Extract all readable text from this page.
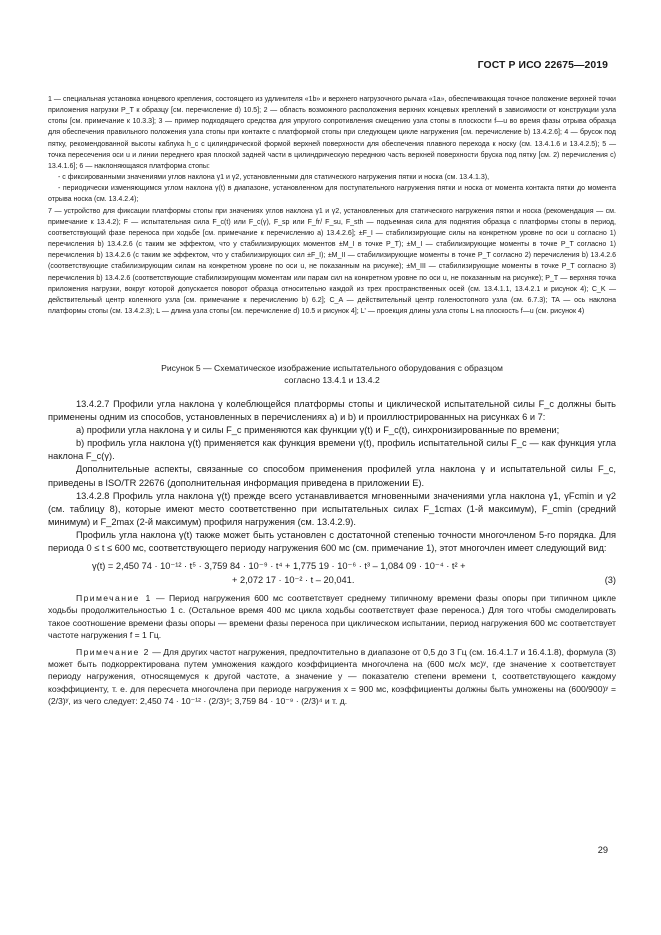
ГОСТ Р ИСО 22675—2019

1 — специальная установка концевого крепления, состоящего из удлинителя «1b» и верхнего нагрузочного рычага «1a», обеспечивающая точное положение верхней точки приложения нагрузки P_T к образцу [см. перечисление d) 10.5]; 2 — область возможного расположения верхних концевых креплений в зависимости от конструкции узла стопы [см. примечание к 10.3.3]; 3 — пример подходящего средства для упругого сопротивления смещению узла стопы в плоскости f—u во время фазы отрыва образца для обеспечения правильного положения узла стопы при контакте с платформой стопы при следующем цикле нагружения [см. перечисление b) 13.4.2.6]; 4 — брусок под пятку, рекомендованной высоты каблука h_c с цилиндрической формой верхней поверхности для обеспечения плавного перехода к носку (см. 13.4.1.6 и 13.4.2.5); 5 — точка пересечения оси u и линии переднего края плоской задней части в цилиндрическую переднюю часть верхней поверхности бруска под пятку [см. 2) перечисления с) 13.4.1.6]; 6 — наклоняющаяся платформа стопы:

- с фиксированными значениями углов наклона γ1 и γ2, установленными для статического нагружения пятки и носка (см. 13.4.1.3),

- периодически изменяющимся углом наклона γ(t) в диапазоне, установленном для поступательного нагружения пятки и носка от момента контакта пятки до момента отрыва носка (см. 13.4.2.4);

7 — устройство для фиксации платформы стопы при значениях углов наклона γ1 и γ2, установленных для статического нагружения пятки и носка (рекомендация — см. примечание к 13.4.2); F — испытательная сила F_c(t) или F_c(γ), F_sp или F_fr/ F_su, F_sth — подъемная сила для поднятия образца с платформы стопы в период, соответствующий фазе переноса при ходьбе [см. примечание к перечислению а) 13.4.2.6]; ±F_I — стабилизирующие силы на конкретном уровне по оси u согласно 1) перечисления b) 13.4.2.6 (с таким же эффектом, что у стабилизирующих моментов ±M_I в точке P_T); ±M_I — стабилизирующие моменты в точке P_T согласно 1) перечисления b) 13.4.2.6 (с таким же эффектом, что у стабилизирующих сил ±F_I); ±M_II — стабилизирующие моменты в точке P_T согласно 2) перечисления b) 13.4.2.6 (соответствующие стабилизирующим силам на конкретном уровне по оси u, не показанным на рисунке); ±M_III — стабилизирующие моменты в точке P_T согласно 3) перечисления b) 13.4.2.6 (соответствующие стабилизирующим моментам или парам сил на конкретном уровне по оси u, не показанным на рисунке); P_T — верхняя точка приложения нагрузки, вокруг которой допускается поворот образца относительно каждой из трех пространственных осей (см. 13.4.1.1, 13.4.2.1 и рисунок 4); C_K — действительный центр коленного узла [см. примечание к перечислению b) 6.2]; C_A — действительный центр голеностопного узла (см. 6.7.3); TA — ось наклона платформы стопы (см. 13.4.2.3); L — длина узла стопы [см. перечисление d) 10.5 и рисунок 4]; L' — проекция длины узла стопы L на плоскость f—u (см. рисунок 4)

Рисунок 5 — Схематическое изображение испытательного оборудования с образцом
согласно 13.4.1 и 13.4.2

13.4.2.7 Профили угла наклона γ колеблющейся платформы стопы и циклической испытательной силы F_c должны быть применены одним из способов, установленных в перечислениях а) и b) и проиллюстрированных на рисунках 6 и 7:

а) профили угла наклона γ и силы F_c применяются как функции γ(t) и F_c(t), синхронизированные по времени;

b) профиль угла наклона γ(t) применяется как функция времени γ(t), профиль испытательной силы F_c — как функция угла наклона F_c(γ).

Дополнительные аспекты, связанные со способом применения профилей угла наклона γ и испытательной силы F_c, приведены в ISO/TR 22676 (дополнительная информация приведена в приложении E).

13.4.2.8 Профиль угла наклона γ(t) прежде всего устанавливается мгновенными значениями угла наклона γ1, γFcmin и γ2 (см. таблицу 8), которые имеют место соответственно при испытательных силах F_1cmax (1-й максимум), F_cmin (средний минимум) и F_2max (2-й максимум) профиля нагружения (см. 13.4.2.9).

Профиль угла наклона γ(t) также может быть установлен с достаточной степенью точности многочленом 5-го порядка. Для периода 0 ≤ t ≤ 600 мс, соответствующего периоду нагружения 600 мс (см. примечание 1), этот многочлен имеет следующий вид:

γ(t) = 2,450 74 · 10⁻¹² · t⁵ · 3,759 84 · 10⁻⁹ · t⁴ + 1,775 19 · 10⁻⁶ · t³ – 1,084 09 · 10⁻⁴ · t² +
+ 2,072 17 · 10⁻² · t – 20,041.	(3)

Примечание 1 — Период нагружения 600 мс соответствует среднему типичному времени фазы опоры при типичном цикле ходьбы продолжительностью 1 с. (Остальное время 400 мс цикла ходьбы соответствует фазе переноса.) Для того чтобы смоделировать такое соотношение времени фазы опоры — времени фазы переноса при циклическом испытании, период нагружения 600 мс соответствует частоте нагружения f = 1 Гц.

Примечание 2 — Для других частот нагружения, предпочтительно в диапазоне от 0,5 до 3 Гц (см. 16.4.1.7 и 16.4.1.8), формула (3) может быть подкорректирована путем умножения каждого коэффициента многочлена на (600 мс/x мс)ʸ, где значение x соответствует периоду нагружения, относящемуся к другой частоте, а значение y — показателю степени времени t, соответствующего каждому коэффициенту, т. е. для пересчета многочлена при периоде нагружения x = 900 мс, коэффициенты должны быть умножены на (600/900)ʸ = (2/3)ʸ, из чего следует: 2,450 74 · 10⁻¹² · (2/3)⁵; 3,759 84 · 10⁻⁹ · (2/3)⁴ и т. д.

29
